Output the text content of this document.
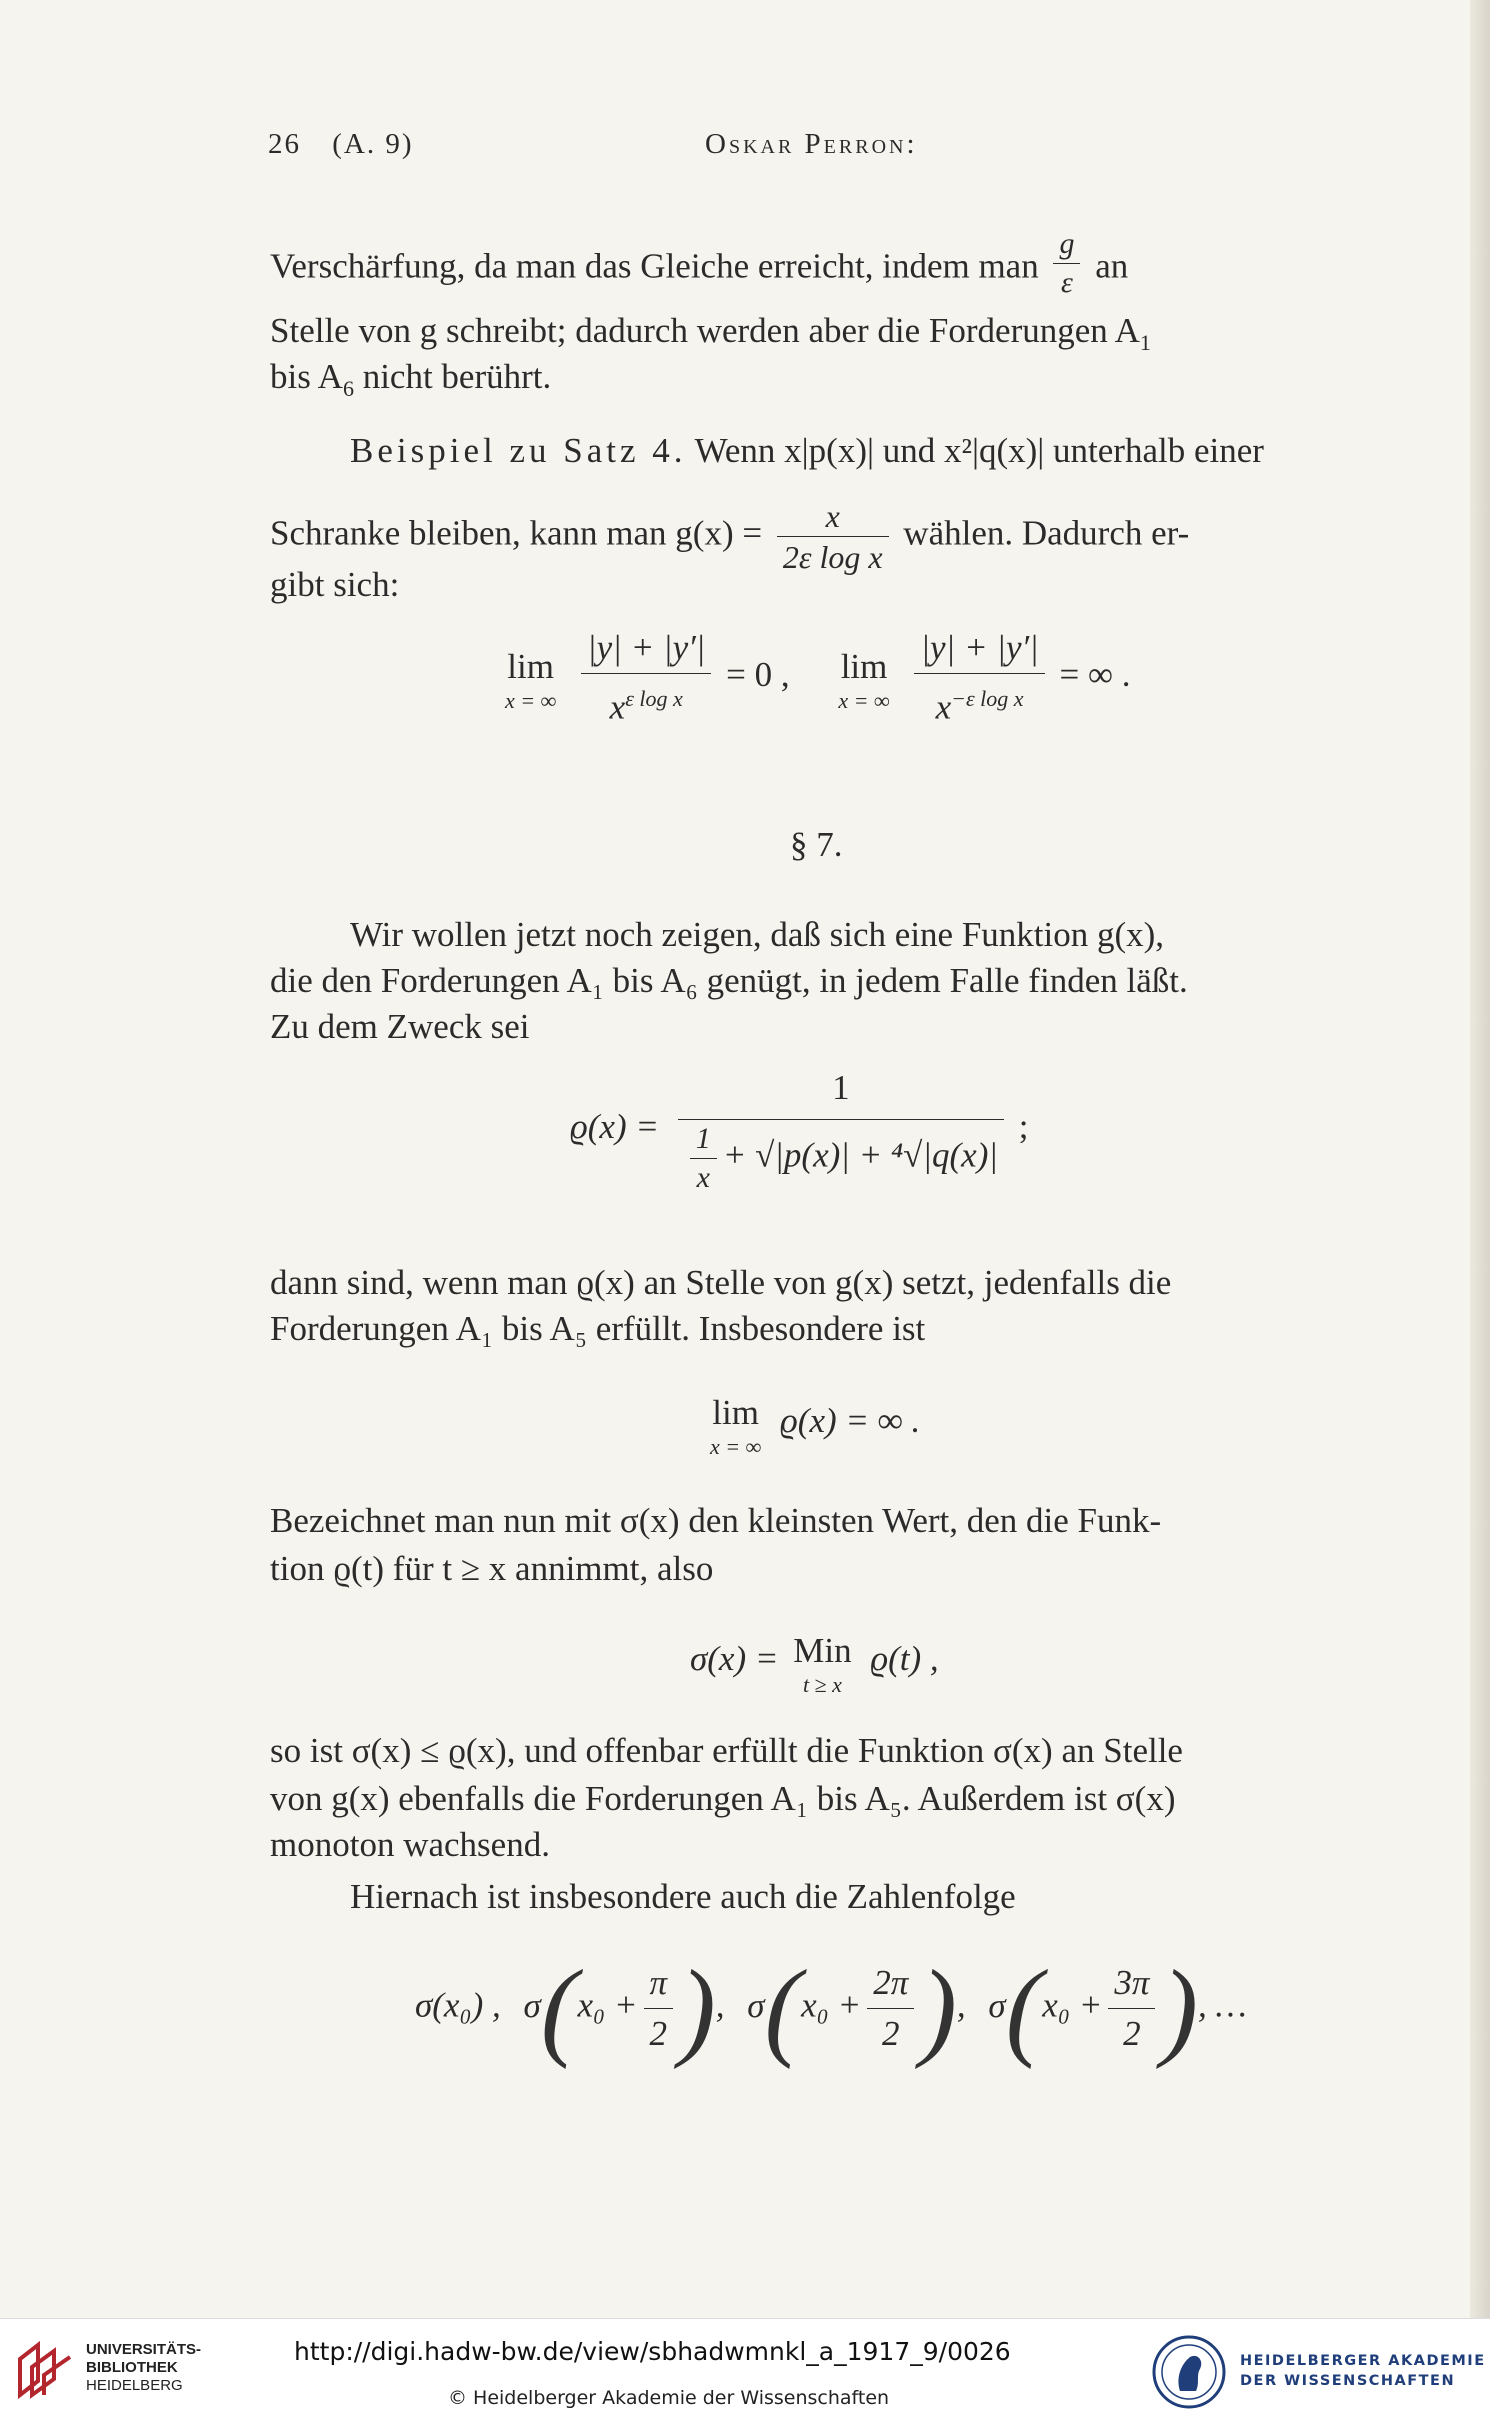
26 (A. 9)	Oskar Perron:
Verschärfung, da man das Gleiche erreicht, indem man $\frac{g}{\varepsilon}$ an
Stelle von g schreibt; dadurch werden aber die Forderungen $A_1$
bis $A_6$ nicht berührt.
Beispiel zu Satz 4. Wenn x|p(x)| und x²|q(x)| unterhalb einer
Schranke bleiben, kann man $g(x) = \frac{x}{\text{2ε log x}}$ wählen. Dadurch er-
gibt sich:
lim
x = ∞
$\frac{|y| + |y'|}{x^{\varepsilon log x}} = 0$ , lim
x = ∞
$\frac{|y| + |y'|}{x^{-\varepsilon log x}}$ = ∞ .
§ 7.
Wir wollen jetzt noch zeigen, daß sich eine Funktion g(x),
die den Forderungen A₁ bis A₆ genügt, in jedem Falle finden läßt.
Zu dem Zweck sei
$ϱ(x) = \frac{1}{\frac{1}{x} + √|p(x)| + ^4√|q(x)|}$ ;
dann sind, wenn man ϱ(x) an Stelle von g(x) setzt, jedenfalls die
Forderungen A₁ bis A₅ erfüllt. Insbesondere ist
lim
x = ∞
ϱ(x) = ∞ .
Bezeichnet man nun mit σ(x) den kleinsten Wert, den die Funk-
tion ϱ(t) für t ≥ x annimmt, also
σ(x) = Min
t ≥ x
ϱ(t) ,
so ist σ(x) ≤ ϱ(x), und offenbar erfüllt die Funktion σ(x) an Stelle
von g(x) ebenfalls die Forderungen A₁ bis A₅. Außerdem ist σ(x)
monoton wachsend.
Hiernach ist insbesondere auch die Zahlenfolge
σ(x₀) , $\sigma(x_0 + \frac{\pi}{2}$ ), $\sigma(x_0 + \frac{2\pi}{2}$ ), $\sigma(x_0 + \frac{3\pi}{2}$ ), …
UNIVERSITÄTS-
BIBLIOTHEK
HEIDELBERG
http://digi.hadw-bw.de/view/sbhadwmnkl_a_1917_9/0026
© Heidelberger Akademie der Wissenschaften
HEIDELBERGER AKADEMIE
DER WISSENSCHAFTEN
